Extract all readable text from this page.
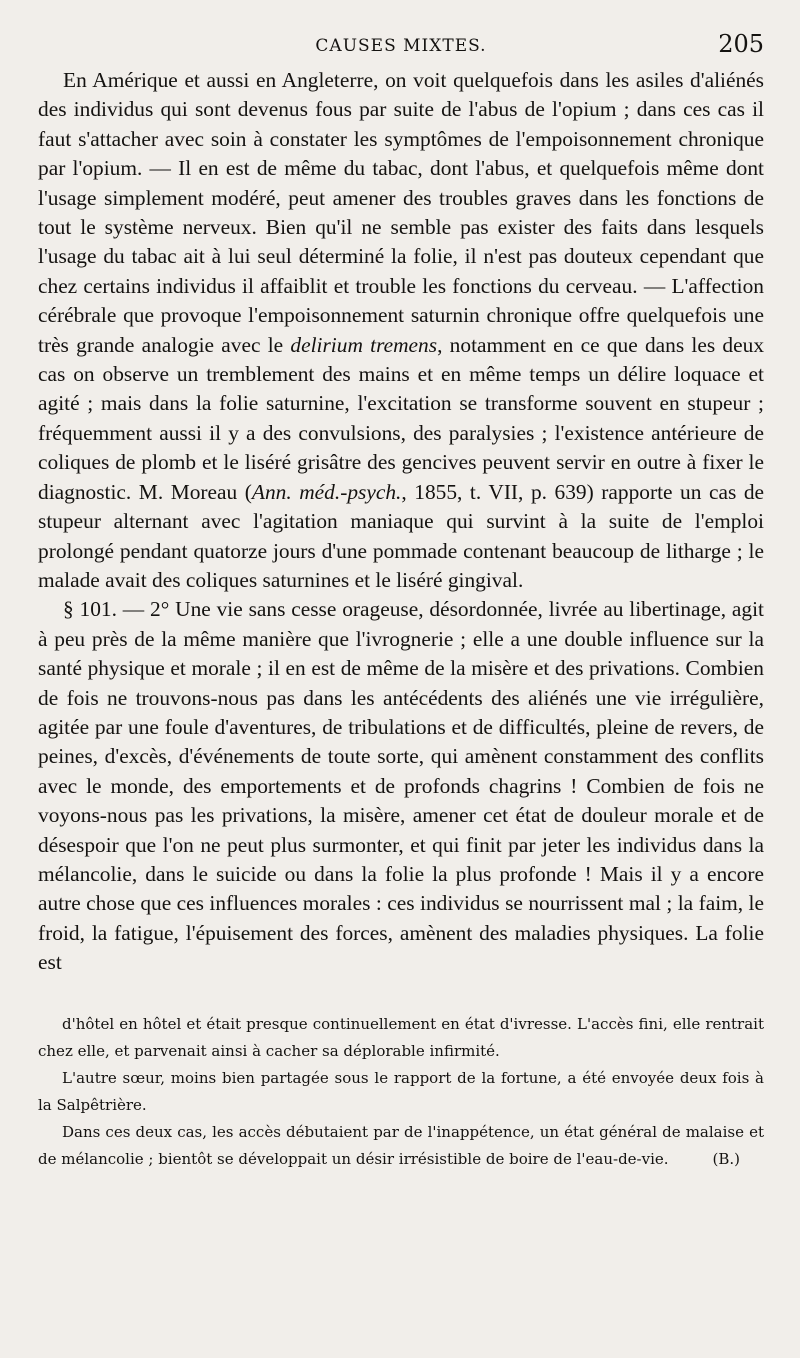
CAUSES MIXTES.	205

En Amérique et aussi en Angleterre, on voit quelquefois dans les asiles d'aliénés des individus qui sont devenus fous par suite de l'abus de l'opium ; dans ces cas il faut s'attacher avec soin à constater les symptômes de l'empoisonnement chronique par l'opium. — Il en est de même du tabac, dont l'abus, et quelquefois même dont l'usage simplement modéré, peut amener des troubles graves dans les fonctions de tout le système nerveux. Bien qu'il ne semble pas exister des faits dans lesquels l'usage du tabac ait à lui seul déterminé la folie, il n'est pas douteux cependant que chez certains individus il affaiblit et trouble les fonctions du cerveau. — L'affection cérébrale que provoque l'empoisonnement saturnin chronique offre quelquefois une très grande analogie avec le delirium tremens, notamment en ce que dans les deux cas on observe un tremblement des mains et en même temps un délire loquace et agité ; mais dans la folie saturnine, l'excitation se transforme souvent en stupeur ; fréquemment aussi il y a des convulsions, des paralysies ; l'existence antérieure de coliques de plomb et le liséré grisâtre des gencives peuvent servir en outre à fixer le diagnostic. M. Moreau (Ann. méd.-psych., 1855, t. VII, p. 639) rapporte un cas de stupeur alternant avec l'agitation maniaque qui survint à la suite de l'emploi prolongé pendant quatorze jours d'une pommade contenant beaucoup de litharge ; le malade avait des coliques saturnines et le liséré gingival.

§ 101. — 2° Une vie sans cesse orageuse, désordonnée, livrée au libertinage, agit à peu près de la même manière que l'ivrognerie ; elle a une double influence sur la santé physique et morale ; il en est de même de la misère et des privations. Combien de fois ne trouvons-nous pas dans les antécédents des aliénés une vie irrégulière, agitée par une foule d'aventures, de tribulations et de difficultés, pleine de revers, de peines, d'excès, d'événements de toute sorte, qui amènent constamment des conflits avec le monde, des emportements et de profonds chagrins ! Combien de fois ne voyons-nous pas les privations, la misère, amener cet état de douleur morale et de désespoir que l'on ne peut plus surmonter, et qui finit par jeter les individus dans la mélancolie, dans le suicide ou dans la folie la plus profonde ! Mais il y a encore autre chose que ces influences morales : ces individus se nourrissent mal ; la faim, le froid, la fatigue, l'épuisement des forces, amènent des maladies physiques. La folie est

d'hôtel en hôtel et était presque continuellement en état d'ivresse. L'accès fini, elle rentrait chez elle, et parvenait ainsi à cacher sa déplorable infirmité.

L'autre sœur, moins bien partagée sous le rapport de la fortune, a été envoyée deux fois à la Salpêtrière.

Dans ces deux cas, les accès débutaient par de l'inappétence, un état général de malaise et de mélancolie ; bientôt se développait un désir irrésistible de boire de l'eau-de-vie.	(B.)
